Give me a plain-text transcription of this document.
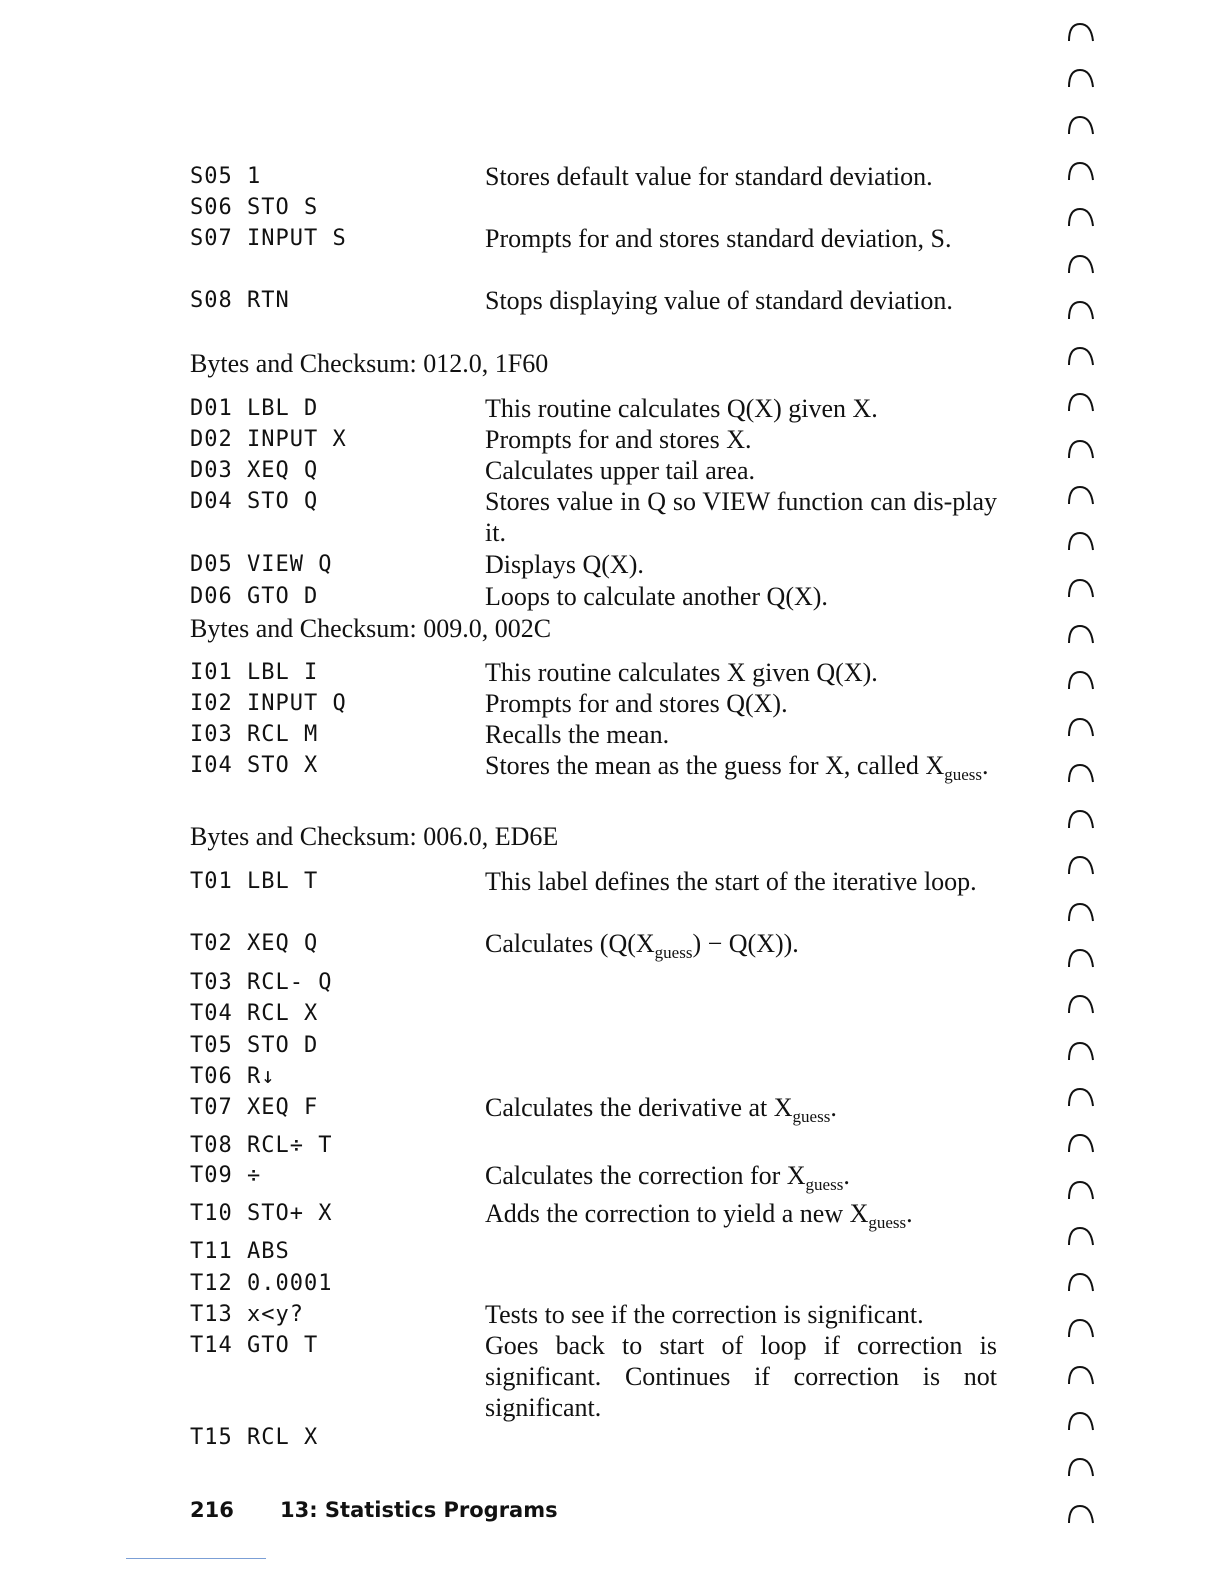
S05 1	Stores default value for standard deviation.
S06 STO S
S07 INPUT S	Prompts for and stores standard deviation, S.
S08 RTN	Stops displaying value of standard deviation.
Bytes and Checksum: 012.0, 1F60
D01 LBL D	This routine calculates Q(X) given X.
D02 INPUT X	Prompts for and stores X.
D03 XEQ Q	Calculates upper tail area.
D04 STO Q	Stores value in Q so VIEW function can dis-play it.
D05 VIEW Q	Displays Q(X).
D06 GTO D	Loops to calculate another Q(X).
Bytes and Checksum: 009.0, 002C
I01 LBL I	This routine calculates X given Q(X).
I02 INPUT Q	Prompts for and stores Q(X).
I03 RCL M	Recalls the mean.
I04 STO X	Stores the mean as the guess for X, called $X_{guess}$.
Bytes and Checksum: 006.0, ED6E
T01 LBL T	This label defines the start of the iterative loop.
T02 XEQ Q	Calculates $(Q(X_{guess}) - Q(X))$.
T03 RCL- Q
T04 RCL X
T05 STO D
T06 R↓
T07 XEQ F	Calculates the derivative at $X_{guess}$.
T08 RCL÷ T
T09 ÷	Calculates the correction for $X_{guess}$.
T10 STO+ X	Adds the correction to yield a new $X_{guess}$.
T11 ABS
T12 0.0001
T13 x<y?	Tests to see if the correction is significant.
T14 GTO T	Goes back to start of loop if correction is significant. Continues if correction is not significant.
T15 RCL X
216 13: Statistics Programs
